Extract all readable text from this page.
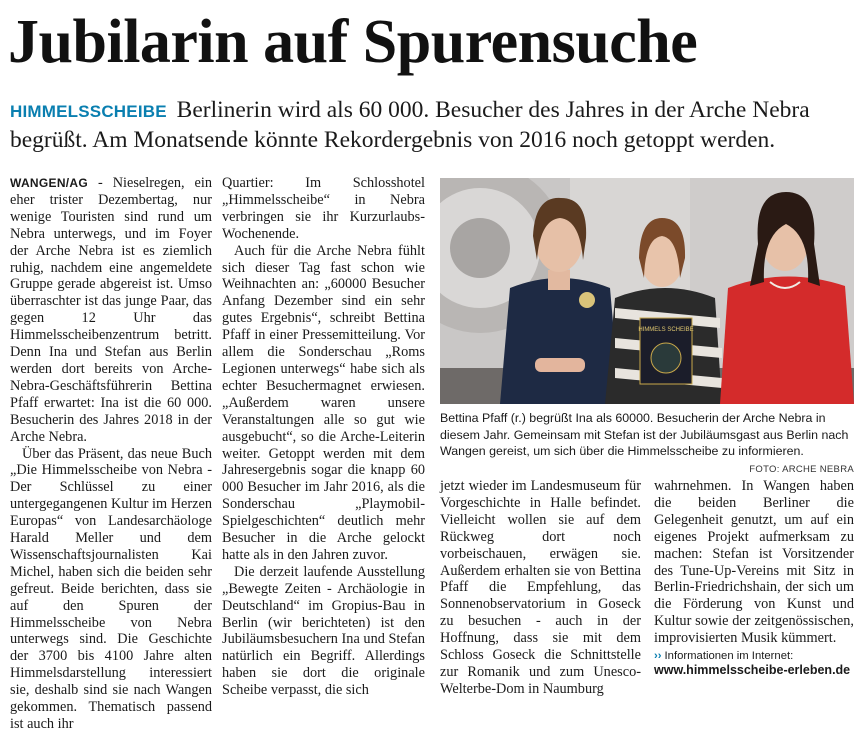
Jubilarin auf Spurensuche
HIMMELSSCHEIBE Berlinerin wird als 60 000. Besucher des Jahres in der Arche Nebra begrüßt. Am Monatsende könnte Rekordergebnis von 2016 noch getoppt werden.

WANGEN/AG - Nieselregen, ein eher trister Dezembertag, nur wenige Touristen sind rund um Nebra unterwegs, und im Foyer der Arche Nebra ist es ziemlich ruhig, nachdem eine angemeldete Gruppe gerade abgereist ist. Umso überraschter ist das junge Paar, das gegen 12 Uhr das Himmelsscheibenzentrum betritt. Denn Ina und Stefan aus Berlin werden dort bereits von Arche-Nebra-Geschäftsführerin Bettina Pfaff erwartet: Ina ist die 60 000. Besucherin des Jahres 2018 in der Arche Nebra.

Über das Präsent, das neue Buch „Die Himmelsscheibe von Nebra - Der Schlüssel zu einer untergegangenen Kultur im Herzen Europas“ von Landesarchäologe Harald Meller und dem Wissenschaftsjournalisten Kai Michel, haben sich die beiden sehr gefreut. Beide berichten, dass sie auf den Spuren der Himmelsscheibe von Nebra unterwegs sind. Die Geschichte der 3700 bis 4100 Jahre alten Himmelsdarstellung interessiert sie, deshalb sind sie nach Wangen gekommen. Thematisch passend ist auch ihr

Quartier: Im Schlosshotel „Himmelsscheibe“ in Nebra verbringen sie ihr Kurzurlaubs-Wochenende.

Auch für die Arche Nebra fühlt sich dieser Tag fast schon wie Weihnachten an: „60000 Besucher Anfang Dezember sind ein sehr gutes Ergebnis“, schreibt Bettina Pfaff in einer Pressemitteilung. Vor allem die Sonderschau „Roms Legionen unterwegs“ habe sich als echter Besuchermagnet erwiesen. „Außerdem waren unsere Veranstaltungen alle so gut wie ausgebucht“, so die Arche-Leiterin weiter. Getoppt werden mit dem Jahresergebnis sogar die knapp 60 000 Besucher im Jahr 2016, als die Sonderschau „Playmobil-Spielgeschichten“ deutlich mehr Besucher in die Arche gelockt hatte als in den Jahren zuvor.

Die derzeit laufende Ausstellung „Bewegte Zeiten - Archäologie in Deutschland“ im Gropius-Bau in Berlin (wir berichteten) ist den Jubiläumsbesuchern Ina und Stefan natürlich ein Begriff. Allerdings haben sie dort die originale Scheibe verpasst, die sich

HIMMELS SCHEIBE
Bettina Pfaff (r.) begrüßt Ina als 60000. Besucherin der Arche Nebra in diesem Jahr. Gemeinsam mit Stefan ist der Jubiläumsgast aus Berlin nach Wangen gereist, um sich über die Himmelsscheibe zu informieren.
FOTO: ARCHE NEBRA

jetzt wieder im Landesmuseum für Vorgeschichte in Halle befindet. Vielleicht wollen sie auf dem Rückweg dort noch vorbeischauen, erwägen sie. Außerdem erhalten sie von Bettina Pfaff die Empfehlung, das Sonnenobservatorium in Goseck zu besuchen - auch in der Hoffnung, dass sie mit dem Schloss Goseck die Schnittstelle zur Romanik und zum Unesco-Welterbe-Dom in Naumburg

wahrnehmen. In Wangen haben die beiden Berliner die Gelegenheit genutzt, um auf ein eigenes Projekt aufmerksam zu machen: Stefan ist Vorsitzender des Tune-Up-Vereins mit Sitz in Berlin-Friedrichshain, der sich um die Förderung von Kunst und Kultur sowie der zeitgenössischen, improvisierten Musik kümmert.

›› Informationen im Internet:
www.himmelsscheibe-erleben.de
